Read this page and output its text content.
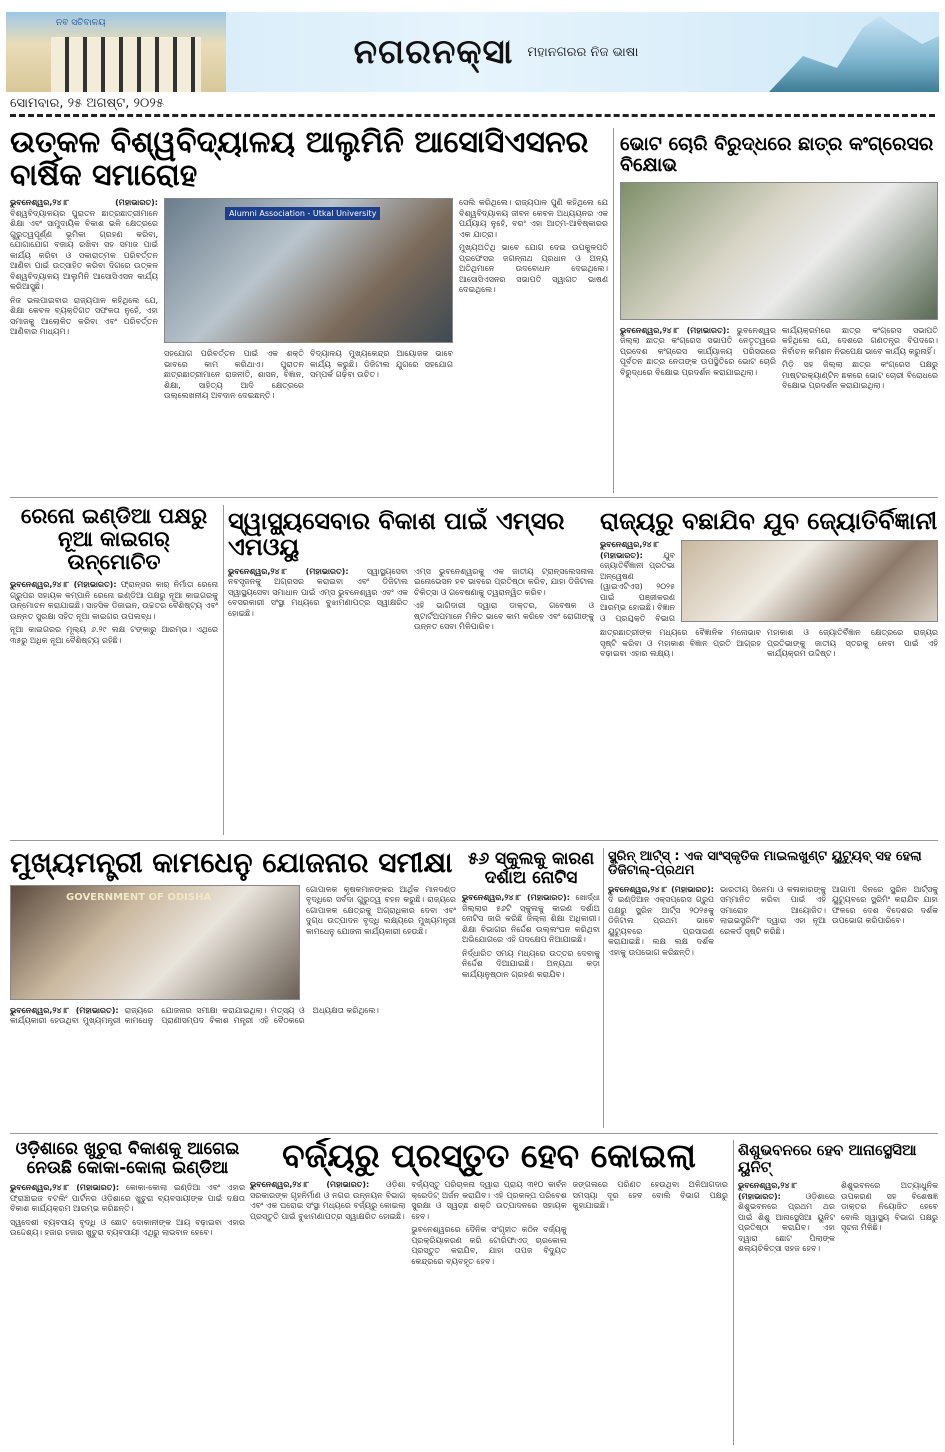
ନବ ସଚିବାଳୟ
ନଗରନକ୍ସା ମହାନଗରର ନିଜ ଭାଷା
ସୋମବାର, ୨୫ ଅଗଷ୍ଟ, ୨୦୨୫
ଉତ୍କଳ ବିଶ୍ୱବିଦ୍ୟାଳୟ ଆଲୁମିନି ଆସୋସିଏସନର ବାର୍ଷିକ ସମାରୋହ

ଭୁବନେଶ୍ୱର,୨୪।୮ (ମହାଭାରତ): ବିଶ୍ୱବିଦ୍ୟାଳୟର ପୁରାତନ ଛାତ୍ରଛାତ୍ରୀମାନେ ଶିକ୍ଷା ଏବଂ ସାମୁଦାୟିକ ବିକାଶ ଭଳି କ୍ଷେତ୍ରରେ ଗୁରୁତ୍ୱପୂର୍ଣ୍ଣ ଭୂମିକା ଗ୍ରହଣ କରିବା, ଯୋଗାଯୋଗ ବଜାୟ ରଖିବା ସହ ସମାଜ ପାଇଁ କାର୍ଯ୍ୟ କରିବା ଓ ସକାରାତ୍ମକ ପରିବର୍ତ୍ତନ ଆଣିବା ପାଇଁ ଉତ୍ସାହିତ କରିବା ଦିଗରେ ଉତ୍କଳ ବିଶ୍ୱବିଦ୍ୟାଳୟ ଆଲୁମିନି ଆସୋସିଏସନ କାର୍ଯ୍ୟ କରିଆସୁଛି।

ନିଜ ଭଲପାଇବାର ରାଜ୍ୟପାଳ କହିଥିଲେ ଯେ, ଶିକ୍ଷା କେବଳ ବ୍ୟକ୍ତିଗତ ସଫଳତା ନୁହେଁ, ଏହା ସମାଜକୁ ଆଲୋକିତ କରିବା ଏବଂ ପରିବର୍ତ୍ତନ ଆଣିବାର ମାଧ୍ୟମ।

Alumni Association - Utkal University
ସହଯୋଗ ପରିବର୍ତ୍ତନ ପାଇଁ ଏକ ଶକ୍ତି ଭାବରେ କାମ କରିଥାଏ। ପୁରାତନ ଛାତ୍ରଛାତ୍ରୀମାନେ ରାଜନୀତି, ଶାସନ, ବିଜ୍ଞାନ, ଶିକ୍ଷା, ସାହିତ୍ୟ ଆଦି କ୍ଷେତ୍ରରେ ଉଲ୍ଲେଖନୀୟ ଅବଦାନ ଦେଇଛନ୍ତି।
ବିଦ୍ୟାଳୟ ମୁଖ୍ୟକେନ୍ଦ୍ର ଆୟୋଜକ ଭାବେ କାର୍ଯ୍ୟ କରୁଛି। ଡିଜିଟାଲ ଯୁଗରେ ସହଯୋଗ ସମ୍ପର୍କ ଗଢ଼ିବା ଉଚିତ।

ସେଲି କରିଥିଲେ। ରାଜ୍ୟପାଳ ପୁଣି କହିଥିଲେ ଯେ ବିଶ୍ୱବିଦ୍ୟାଳୟ ଜୀବନ କେବଳ ଅଧ୍ୟୟନର ଏକ ପର୍ଯ୍ୟାୟ ନୁହେଁ, ବରଂ ଏହା ଆତ୍ମ-ଆବିଷ୍କାରର ଏକ ଯାତ୍ରା।

ମୁଖ୍ୟଅତିଥି ଭାବେ ଯୋଗ ଦେଇ ଉପକୁଳପତି ପ୍ରଫେସର ଜଗନ୍ନାଥ ପ୍ରଧାନ ଓ ଅନ୍ୟ ଅତିଥିମାନେ ଉଦବୋଧନ ଦେଇଥିଲେ। ଆସୋସିଏସନର ସଭାପତି ସ୍ୱାଗତ ଭାଷଣ ଦେଇଥିଲେ।

ଭୋଟ ଚୋରି ବିରୁଦ୍ଧରେ ଛାତ୍ର କଂଗ୍ରେସର ବିକ୍ଷୋଭ

ଭୁବନେଶ୍ୱର,୨୪।୮ (ମହାଭାରତ): ଭୁବନେଶ୍ୱର ଜିଲ୍ଲା ଛାତ୍ର କଂଗ୍ରେସ ସଭାପତି ନେତୃତ୍ୱରେ ପ୍ରଦେଶ କଂଗ୍ରେସ କାର୍ଯ୍ୟାଳୟ ପରିସରରେ ପୂର୍ବତନ ଛାତ୍ର ନେତାଙ୍କ ଉପସ୍ଥିତିରେ ଭୋଟ ଚୋରି ବିରୁଦ୍ଧରେ ବିକ୍ଷୋଭ ପ୍ରଦର୍ଶନ କରାଯାଇଥିଲା।

କାର୍ଯ୍ୟକ୍ରମରେ ଛାତ୍ର କଂଗ୍ରେସ ସଭାପତି କହିଥିଲେ ଯେ, ଦେଶରେ ଗଣତନ୍ତ୍ର ବିପଦରେ। ନିର୍ବାଚନ କମିଶନ ନିରପେକ୍ଷ ଭାବେ କାର୍ଯ୍ୟ କରୁନାହିଁ।

ମିଡ଼ି ସହ ଜିଲ୍ଲା ଛାତ୍ର କଂଗ୍ରେସ ପକ୍ଷରୁ ମାଷ୍ଟରକ୍ୟାଣ୍ଟିନ ଛକରେ ଭୋଟ ଚୋରୀ ବିରୋଧରେ ବିକ୍ଷୋଭ ପ୍ରଦର୍ଶନ କରାଯାଇଥିଲା।

ରେନୋ ଇଣ୍ଡିଆ ପକ୍ଷରୁ ନୂଆ କାଇଗର୍ ଉନ୍ମୋଚିତ

ଭୁବନେଶ୍ୱର,୨୪।୮ (ମହାଭାରତ): ଫ୍ରାନ୍ସର କାର୍ ନିର୍ମାତା ରେନୋ ଗ୍ରୁପର ସହାୟକ କମ୍ପାନି ରେନୋ ଇଣ୍ଡିଆ ପକ୍ଷରୁ ନୂଆ କାଇଗରକୁ ଉନ୍ମୋଚନ କରାଯାଇଛି। ସାହସିକ ଡିଜାଇନ, ଉଚ୍ଚତର ବୈଶିଷ୍ଟ୍ୟ ଏବଂ ଉନ୍ନତ ସୁରକ୍ଷା ସହିତ ନୂଆ କାଇଗର ଉପଲବ୍ଧ।

ନୂଆ କାଇଗରର ମୂଲ୍ୟ ୬.୨୯ ଲକ୍ଷ ଟଙ୍କାରୁ ଆରମ୍ଭ। ଏଥିରେ ୩୫ରୁ ଅଧିକ ନୂଆ ବୈଶିଷ୍ଟ୍ୟ ରହିଛି।

ସ୍ୱାସ୍ଥ୍ୟସେବାର ବିକାଶ ପାଇଁ ଏମ୍ସର ଏମଓୟୁ

ଭୁବନେଶ୍ୱର,୨୪।୮ (ମହାଭାରତ): ସ୍ୱାସ୍ଥ୍ୟସେବା ନବସୃଜନକୁ ଅଗ୍ରସର କରାଇବା ଏବଂ ଡିଜିଟାଲ ସ୍ୱାସ୍ଥ୍ୟସେବା ସମାଧାନ ପାଇଁ ଏମ୍ସ ଭୁବନେଶ୍ୱର ଏବଂ ଏକ ବେସରକାରୀ ସଂସ୍ଥା ମଧ୍ୟରେ ବୁଝାମଣାପତ୍ର ସ୍ୱାକ୍ଷରିତ ହୋଇଛି।

ଏମ୍ସ ଭୁବନେଶ୍ୱରକୁ ଏକ ଜାତୀୟ ଟ୍ରାନ୍ସଲେସନାଲ ଇନୋଭେସନ ହବ ଭାବରେ ପ୍ରତିଷ୍ଠା କରିବ, ଯାହା ଡିଜିଟାଲ ଚିକିତ୍ସା ଓ ଗବେଷଣାକୁ ତ୍ୱରାନ୍ୱିତ କରିବ।

ଏହି ଭାଗିଦାରୀ ଦ୍ୱାରା ଡାକ୍ତର, ଗବେଷକ ଓ ଷ୍ଟାର୍ଟଅପମାନେ ମିଳିତ ଭାବେ କାମ କରିବେ ଏବଂ ରୋଗୀଙ୍କୁ ଉନ୍ନତ ସେବା ମିଳିପାରିବ।

ରାଜ୍ୟରୁ ବଛାଯିବ ଯୁବ ଜ୍ୟୋତିର୍ବିଜ୍ଞାନୀ

ଭୁବନେଶ୍ୱର,୨୪।୮ (ମହାଭାରତ):	ଯୁବ ଜ୍ୟୋତିର୍ବିଜ୍ଞାନୀ ପ୍ରତିଭା ଅନ୍ୱେଷଣ (ୱାଇଏଟିଏସ) ୨୦୨୫ ପାଇଁ ପଞ୍ଜୀକରଣ ଆରମ୍ଭ ହୋଇଛି। ବିଜ୍ଞାନ ଓ ପ୍ରଯୁକ୍ତି ବିଭାଗ

ଛାତ୍ରଛାତ୍ରୀଙ୍କ ମଧ୍ୟରେ ବୈଜ୍ଞାନିକ ମନୋଭାବ ସୃଷ୍ଟି କରିବା ଓ ମହାକାଶ ବିଜ୍ଞାନ ପ୍ରତି ଆଗ୍ରହ ବଢ଼ାଇବା ଏହାର ଲକ୍ଷ୍ୟ।
ମହାକାଶ ଓ ଜ୍ୟୋତିର୍ବିଜ୍ଞାନ କ୍ଷେତ୍ରରେ ରାଜ୍ୟର ପ୍ରତିଭାଙ୍କୁ ଜାତୀୟ ସ୍ତରକୁ ନେବା ପାଇଁ ଏହି କାର୍ଯ୍ୟକ୍ରମ ଉଦ୍ଦିଷ୍ଟ।
ମୁଖ୍ୟମନ୍ତ୍ରୀ କାମଧେନୁ ଯୋଜନାର ସମୀକ୍ଷା
GOVERNMENT OF ODISHA
ଗୋପାଳକ କୃଷକମାନଙ୍କର ଆର୍ଥିକ ମାନଦଣ୍ଡ ବୃଦ୍ଧିରେ ସର୍ବଦା ଗୁରୁତ୍ୱ ବହନ କରୁଛି। ରାଜ୍ୟରେ ଗୋପାଳକ କ୍ଷେତ୍ରକୁ ଅଗ୍ରାଧିକାର ଦେବା ଏବଂ ଦୁଗ୍ଧ ଉତ୍ପାଦନ ବୃଦ୍ଧି ଲକ୍ଷ୍ୟରେ ମୁଖ୍ୟମନ୍ତ୍ରୀ କାମଧେନୁ ଯୋଜନା କାର୍ଯ୍ୟକାରୀ ହେଉଛି।

ଭୁବନେଶ୍ୱର,୨୪।୮ (ମହାଭାରତ): ରାଜ୍ୟରେ କାର୍ଯ୍ୟକାରୀ ହେଉଥିବା ମୁଖ୍ୟମନ୍ତ୍ରୀ କାମଧେନୁ ଯୋଜନାର ସମୀକ୍ଷା କରାଯାଇଥିଲା। ମତ୍ସ୍ୟ ଓ ପ୍ରାଣୀସମ୍ପଦ ବିକାଶ ମନ୍ତ୍ରୀ ଏହି ବୈଠକରେ ଅଧ୍ୟକ୍ଷତା କରିଥିଲେ।

୫୬ ସ୍କୁଲକୁ କାରଣ ଦର୍ଶାଅ ନୋଟିସ

ଭୁବନେଶ୍ୱର,୨୪।୮ (ମହାଭାରତ): ଖୋର୍ଦ୍ଧା ଜିଲ୍ଲାର ୫୬ଟି ସ୍କୁଲକୁ କାରଣ ଦର୍ଶାଅ ନୋଟିସ ଜାରି କରିଛି ଜିଲ୍ଲା ଶିକ୍ଷା ଅଧିକାରୀ। ଶିକ୍ଷା ବିଭାଗର ନିର୍ଦ୍ଦେଶ ଉଲ୍ଲଂଘନ କରିଥିବା ଅଭିଯୋଗରେ ଏହି ପଦକ୍ଷେପ ନିଆଯାଇଛି।

ନିର୍ଦ୍ଧାରିତ ସମୟ ମଧ୍ୟରେ ଉତ୍ତର ଦେବାକୁ ନିର୍ଦ୍ଦେଶ ଦିଆଯାଇଛି। ଅନ୍ୟଥା କଡ଼ା କାର୍ଯ୍ୟାନୁଷ୍ଠାନ ଗ୍ରହଣ କରାଯିବ।

ସ୍କ୍ରିନ୍ ଆର୍ଟ୍ସ୍ : ଏକ ସାଂସ୍କୃତିକ ମାଇଲଖୁଣ୍ଟ ୟୁଟ୍ୟୁବ୍ ସହ ହେଲା ଡିଜିଟାଲ୍-ପ୍ରଥମ

ଭୁବନେଶ୍ୱର,୨୪।୮ (ମହାଭାରତ): ଦି ଇଣ୍ଡିଆନ ଏକ୍ସପ୍ରେସ ଗ୍ରୁପ ପକ୍ଷରୁ ସ୍କ୍ରିନ ଆର୍ଟ୍ସ ୨୦୨୫କୁ ଡିଜିଟାଲ ପ୍ରଥମ ଭାବେ ୟୁଟ୍ୟୁବରେ ପ୍ରସାରଣ କରାଯାଇଛି। ଲକ୍ଷ ଲକ୍ଷ ଦର୍ଶକ ଏହାକୁ ଉପଭୋଗ କରିଛନ୍ତି।

ଭାରତୀୟ ସିନେମା ଓ କଳାକାରଙ୍କୁ ସମ୍ମାନିତ କରିବା ପାଇଁ ଏହି ସମାରୋହ ଆୟୋଜିତ। ଲାଇଭସ୍ଟ୍ରିମିଂ ଦ୍ୱାରା ଏହା ନୂଆ ରେକର୍ଡ ସୃଷ୍ଟି କରିଛି।
ଆଗାମୀ ଦିନରେ ସ୍କ୍ରିନ ଆର୍ଟ୍ସକୁ ୟୁଟ୍ୟୁବରେ ସ୍କ୍ରିମିଂ କରାଯିବ ଯାହା ଫଳରେ ଦେଶ ବିଦେଶର ଦର୍ଶକ ଉପଭୋଗ କରିପାରିବେ।
ଓଡ଼ିଶାରେ ଖୁଚୁରା ବିକାଶକୁ ଆଗେଇ ନେଉଛି କୋକା-କୋଲା ଇଣ୍ଡିଆ

ଭୁବନେଶ୍ୱର,୨୪।୮ (ମହାଭାରତ): କୋକା-କୋଲା ଇଣ୍ଡିଆ ଏବଂ ଏହାର ଫ୍ରାଞ୍ଚାଇଜ ବଟଲିଂ ପାର୍ଟନର ଓଡ଼ିଶାରେ ଖୁଚୁରା ବ୍ୟବସାୟୀଙ୍କ ପାଇଁ ଦକ୍ଷତା ବିକାଶ କାର୍ଯ୍ୟକ୍ରମ ଆରମ୍ଭ କରିଛନ୍ତି।

ସ୍ୱଦେଶୀ ବ୍ୟବସାୟ ବୃଦ୍ଧି ଓ ଛୋଟ ଦୋକାନୀଙ୍କ ଆୟ ବଢ଼ାଇବା ଏହାର ଉଦ୍ଦେଶ୍ୟ। ହଜାର ହଜାର ଖୁଚୁରା ବ୍ୟବସାୟୀ ଏଥିରୁ ଲାଭବାନ ହେବେ।

ବର୍ଜ୍ୟରୁ ପ୍ରସ୍ତୁତ ହେବ କୋଇଲା

ଭୁବନେଶ୍ୱର,୨୪।୮ (ମହାଭାରତ): ଓଡ଼ିଶା ସରକାରଙ୍କ ଗୃହନିର୍ମାଣ ଓ ନଗର ଉନ୍ନୟନ ବିଭାଗ ଏବଂ ଏକ ଘରୋଇ ସଂସ୍ଥା ମଧ୍ୟରେ ବର୍ଜ୍ୟରୁ କୋଇଲା ପ୍ରସ୍ତୁତି ପାଇଁ ବୁଝାମଣାପତ୍ର ସ୍ୱାକ୍ଷରିତ ହୋଇଛି।

ବର୍ଜ୍ୟସ୍ତୁ ପରିଚାଳନା ଦ୍ୱାରା ପ୍ରାୟ ୩୧୦ କାର୍ବନ କ୍ରେଡିଟ୍ ଅର୍ଜନ କରାଯିବ। ଏହି ପ୍ରକଳ୍ପ ପରିବେଶ ସୁରକ୍ଷା ଓ ସ୍ୱଚ୍ଛ ଶକ୍ତି ଉତ୍ପାଦନରେ ସହାୟକ ହେବ।

ଭୁବନେଶ୍ୱରରେ ଦୈନିକ ସଂଗୃହୀତ କଠିନ ବର୍ଜ୍ୟକୁ ପ୍ରକ୍ରିୟାକରଣ କରି ଟୋରିଫାଏଡ୍ ଚାରକୋଲ ପ୍ରସ୍ତୁତ କରାଯିବ, ଯାହା ତାପଜ ବିଦ୍ୟୁତ କେନ୍ଦ୍ରରେ ବ୍ୟବହୃତ ହେବ।

ଜଙ୍ଗଲରେ ପରିଣତ ହେଉଥିବା ଅଳିଆଗଦାର ସମସ୍ୟା ଦୂର ହେବ ବୋଲି ବିଭାଗ ପକ୍ଷରୁ କୁହାଯାଇଛି।
ଶିଶୁଭବନରେ ହେବ ଆନାସ୍ଥେସିଆ ୟୁନିଟ୍

ଭୁବନେଶ୍ୱର,୨୪।୮ (ମହାଭାରତ):	ଓଡ଼ିଶାରେ ଶିଶୁଭବନରେ ପ୍ରଥମ ଥର ପାଇଁ ଶିଶୁ ଆନାସ୍ଥେସିଆ ୟୁନିଟ ପ୍ରତିଷ୍ଠା କରାଯିବ। ଏହା ଦ୍ୱାରା ଛୋଟ ପିଲାଙ୍କ ଶଲ୍ୟଚିକିତ୍ସା ସହଜ ହେବ।

ଶିଶୁଭବନରେ ଅତ୍ୟାଧୁନିକ ଉପକରଣ ସହ ବିଶେଷଜ୍ଞ ଡାକ୍ତର ନିୟୋଜିତ ହେବେ ବୋଲି ସ୍ୱାସ୍ଥ୍ୟ ବିଭାଗ ପକ୍ଷରୁ ସୂଚନା ମିଳିଛି।
